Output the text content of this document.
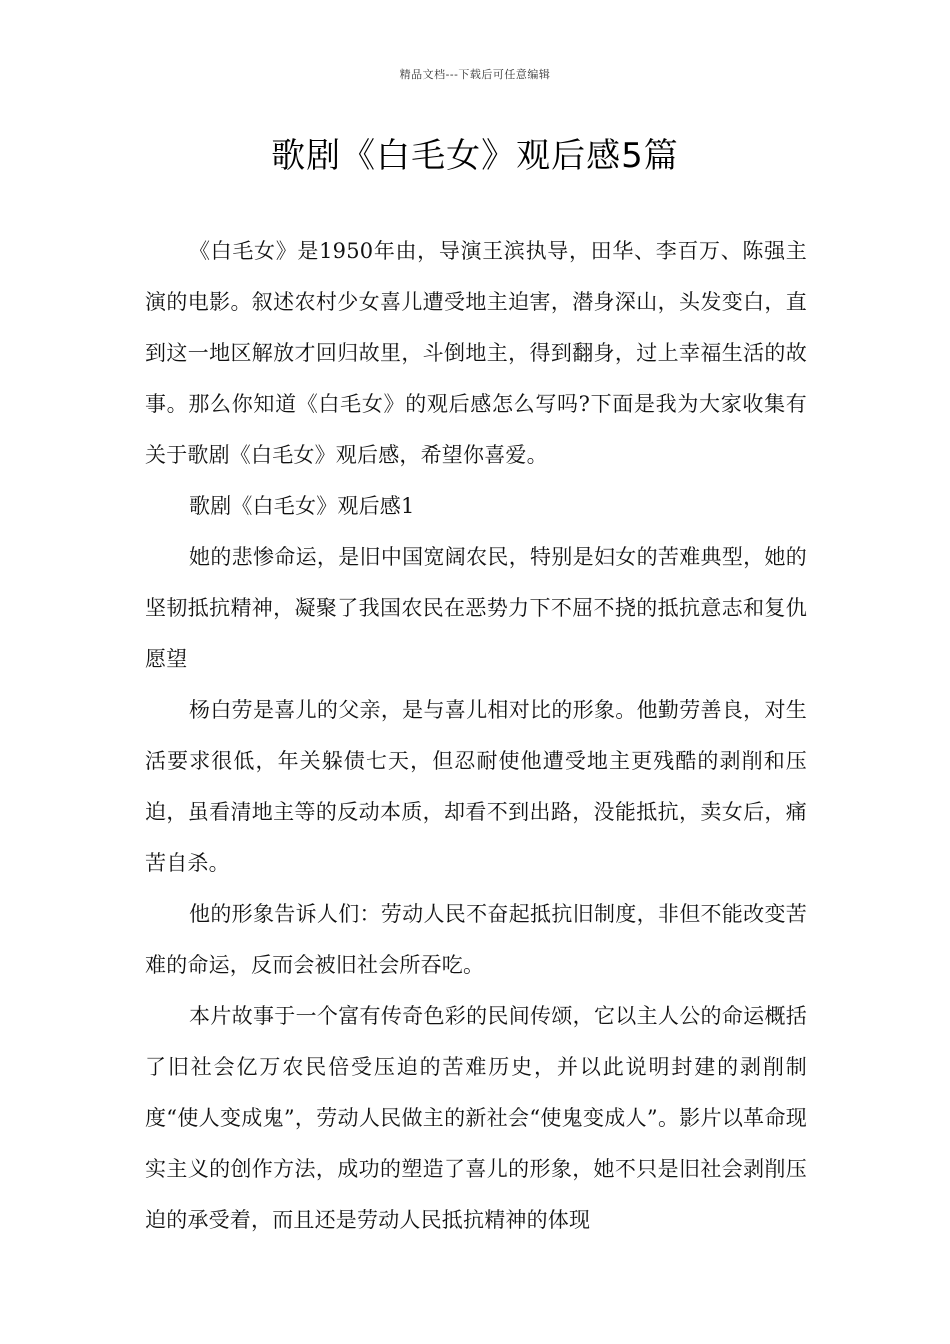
精品文档---下载后可任意编辑
歌剧《白毛女》观后感5篇

《白毛女》是1950年由，导演王滨执导，田华、李百万、陈强主演的电影。叙述农村少女喜儿遭受地主迫害，潜身深山，头发变白，直到这一地区解放才回归故里，斗倒地主，得到翻身，过上幸福生活的故事。那么你知道《白毛女》的观后感怎么写吗?下面是我为大家收集有关于歌剧《白毛女》观后感，希望你喜爱。

歌剧《白毛女》观后感1

她的悲惨命运，是旧中国宽阔农民，特别是妇女的苦难典型，她的坚韧抵抗精神，凝聚了我国农民在恶势力下不屈不挠的抵抗意志和复仇愿望

杨白劳是喜儿的父亲，是与喜儿相对比的形象。他勤劳善良，对生活要求很低，年关躲债七天，但忍耐使他遭受地主更残酷的剥削和压迫，虽看清地主等的反动本质，却看不到出路，没能抵抗，卖女后，痛苦自杀。

他的形象告诉人们：劳动人民不奋起抵抗旧制度，非但不能改变苦难的命运，反而会被旧社会所吞吃。

本片故事于一个富有传奇色彩的民间传颂，它以主人公的命运概括了旧社会亿万农民倍受压迫的苦难历史，并以此说明封建的剥削制度“使人变成鬼”，劳动人民做主的新社会“使鬼变成人”。影片以革命现实主义的创作方法，成功的塑造了喜儿的形象，她不只是旧社会剥削压迫的承受着，而且还是劳动人民抵抗精神的体现
